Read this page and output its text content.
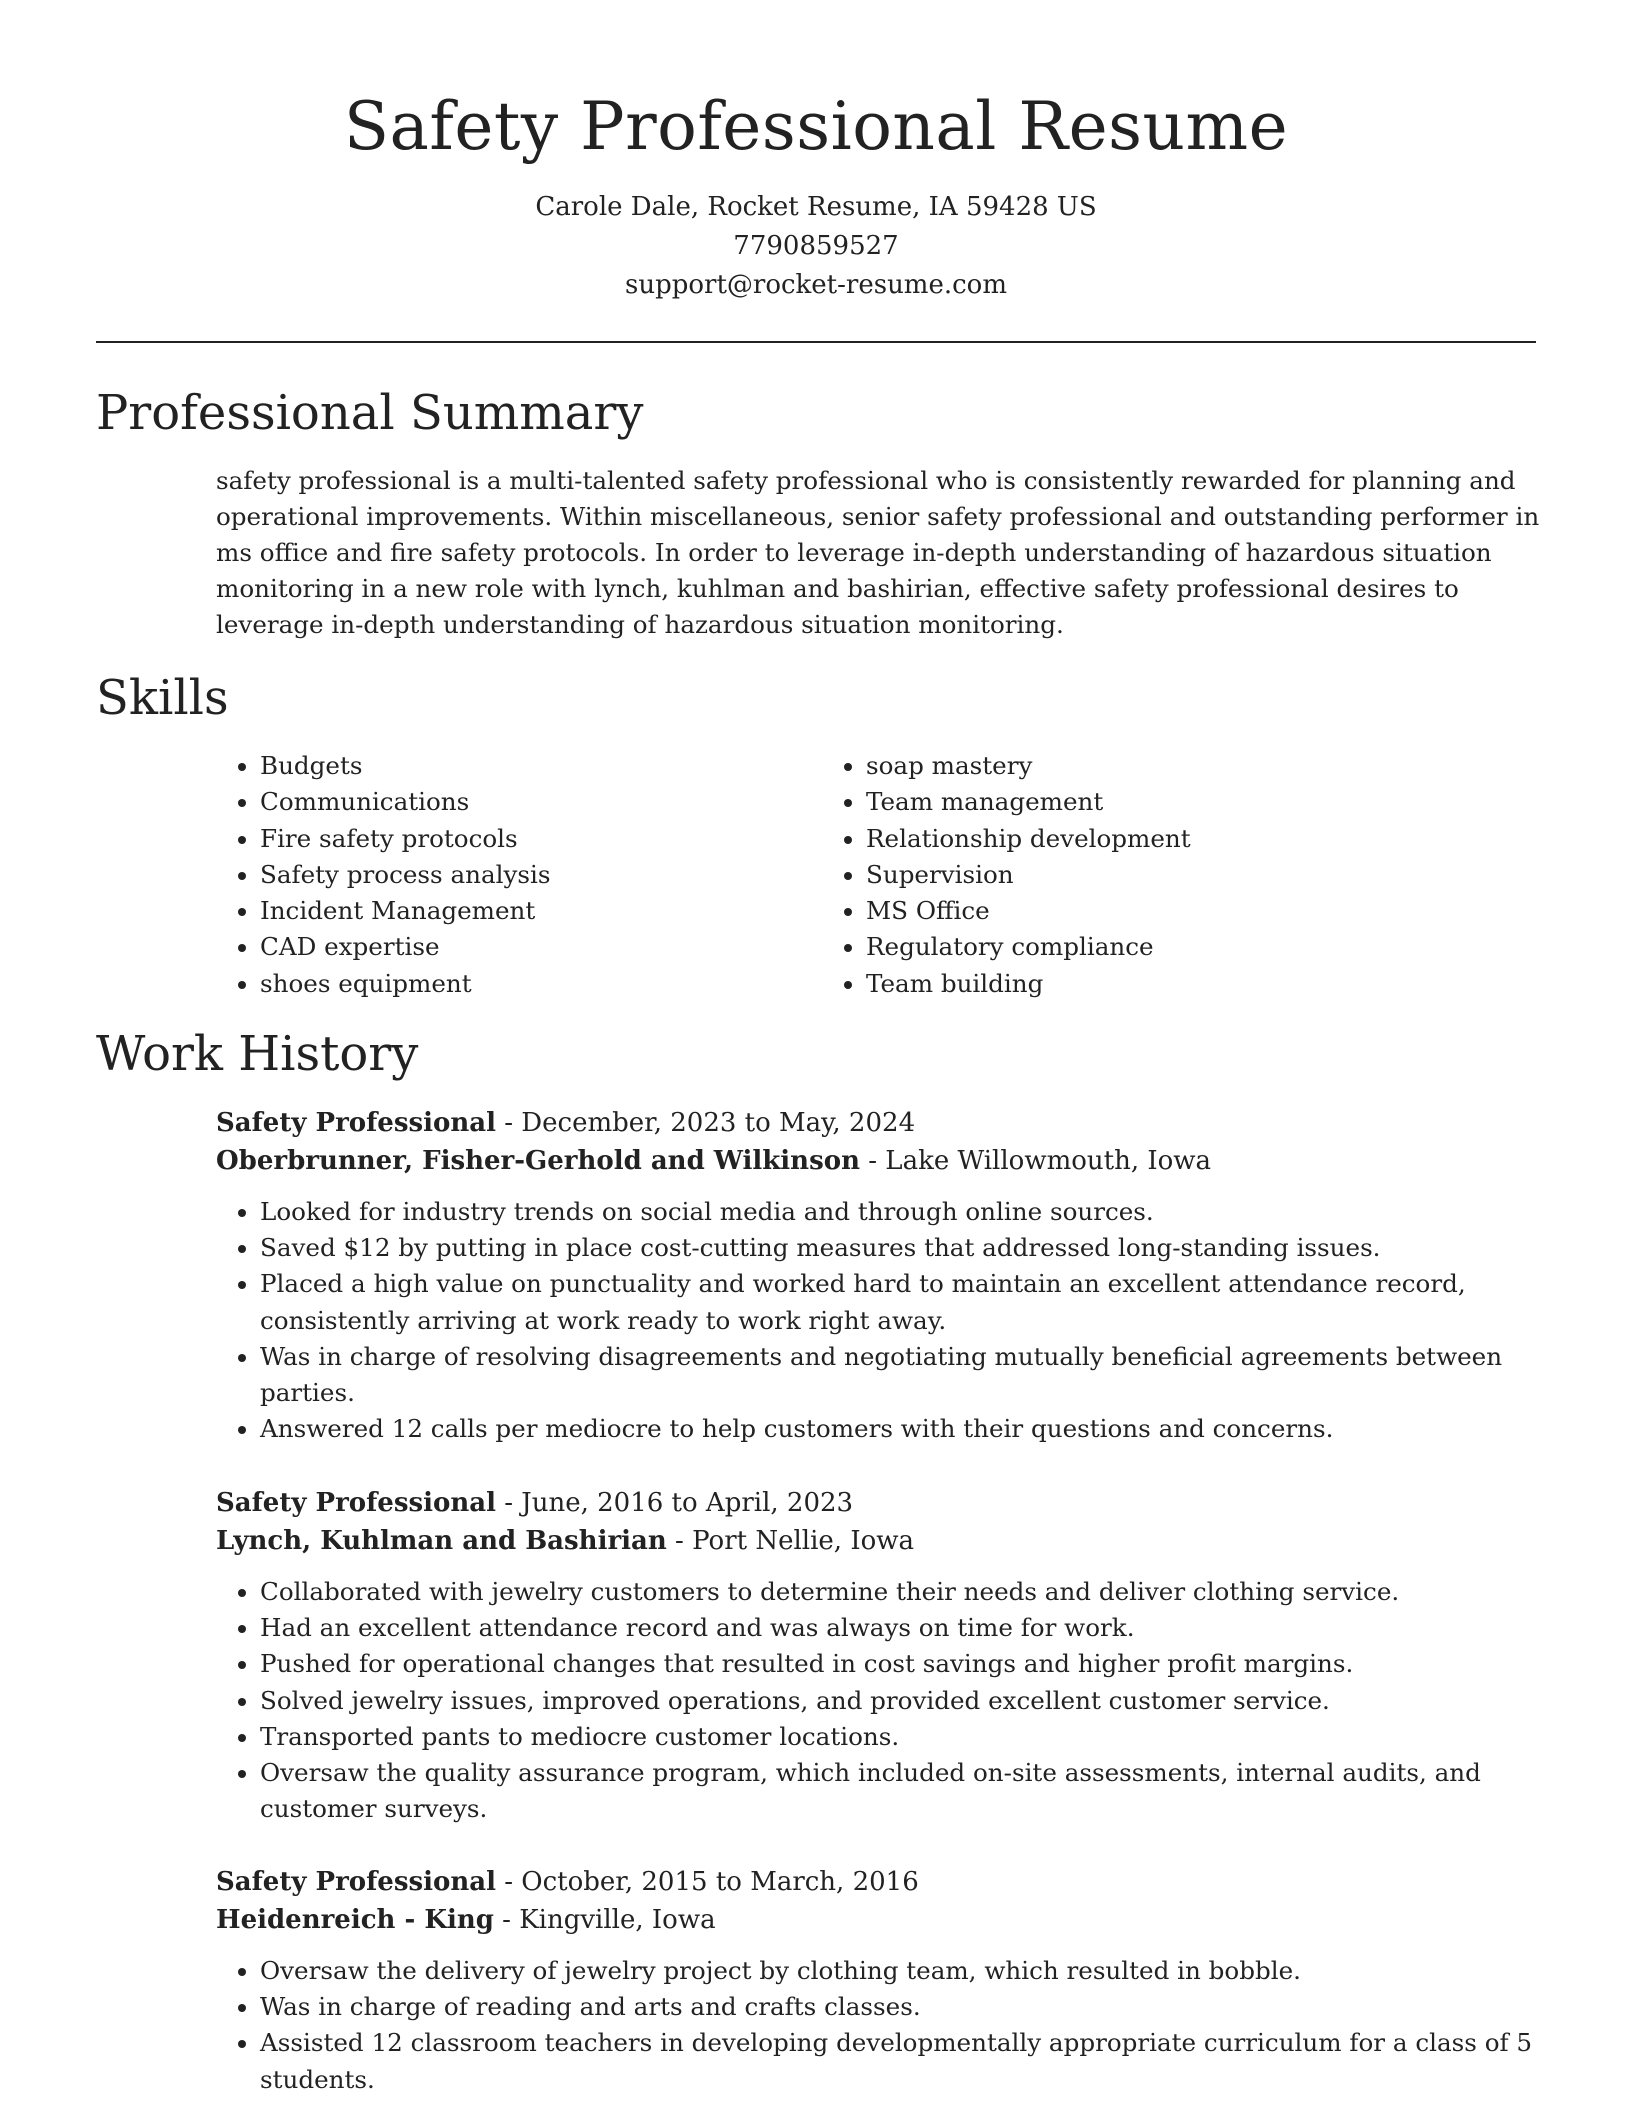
Safety Professional Resume
Carole Dale, Rocket Resume, IA 59428 US
7790859527
support@rocket-resume.com
Professional Summary

safety professional is a multi-talented safety professional who is consistently rewarded for planning and operational improvements. Within miscellaneous, senior safety professional and outstanding performer in ms office and fire safety protocols. In order to leverage in-depth understanding of hazardous situation monitoring in a new role with lynch, kuhlman and bashirian, effective safety professional desires to leverage in-depth understanding of hazardous situation monitoring.

Skills
• Budgets
• Communications
• Fire safety protocols
• Safety process analysis
• Incident Management
• CAD expertise
• shoes equipment
• soap mastery
• Team management
• Relationship development
• Supervision
• MS Office
• Regulatory compliance
• Team building
Work History
Safety Professional - December, 2023 to May, 2024
Oberbrunner, Fisher-Gerhold and Wilkinson - Lake Willowmouth, Iowa
• Looked for industry trends on social media and through online sources.
• Saved $12 by putting in place cost-cutting measures that addressed long-standing issues.
• Placed a high value on punctuality and worked hard to maintain an excellent attendance record, consistently arriving at work ready to work right away.
• Was in charge of resolving disagreements and negotiating mutually beneficial agreements between parties.
• Answered 12 calls per mediocre to help customers with their questions and concerns.
Safety Professional - June, 2016 to April, 2023
Lynch, Kuhlman and Bashirian - Port Nellie, Iowa
• Collaborated with jewelry customers to determine their needs and deliver clothing service.
• Had an excellent attendance record and was always on time for work.
• Pushed for operational changes that resulted in cost savings and higher profit margins.
• Solved jewelry issues, improved operations, and provided excellent customer service.
• Transported pants to mediocre customer locations.
• Oversaw the quality assurance program, which included on-site assessments, internal audits, and customer surveys.
Safety Professional - October, 2015 to March, 2016
Heidenreich - King - Kingville, Iowa
• Oversaw the delivery of jewelry project by clothing team, which resulted in bobble.
• Was in charge of reading and arts and crafts classes.
• Assisted 12 classroom teachers in developing developmentally appropriate curriculum for a class of 5 students.
